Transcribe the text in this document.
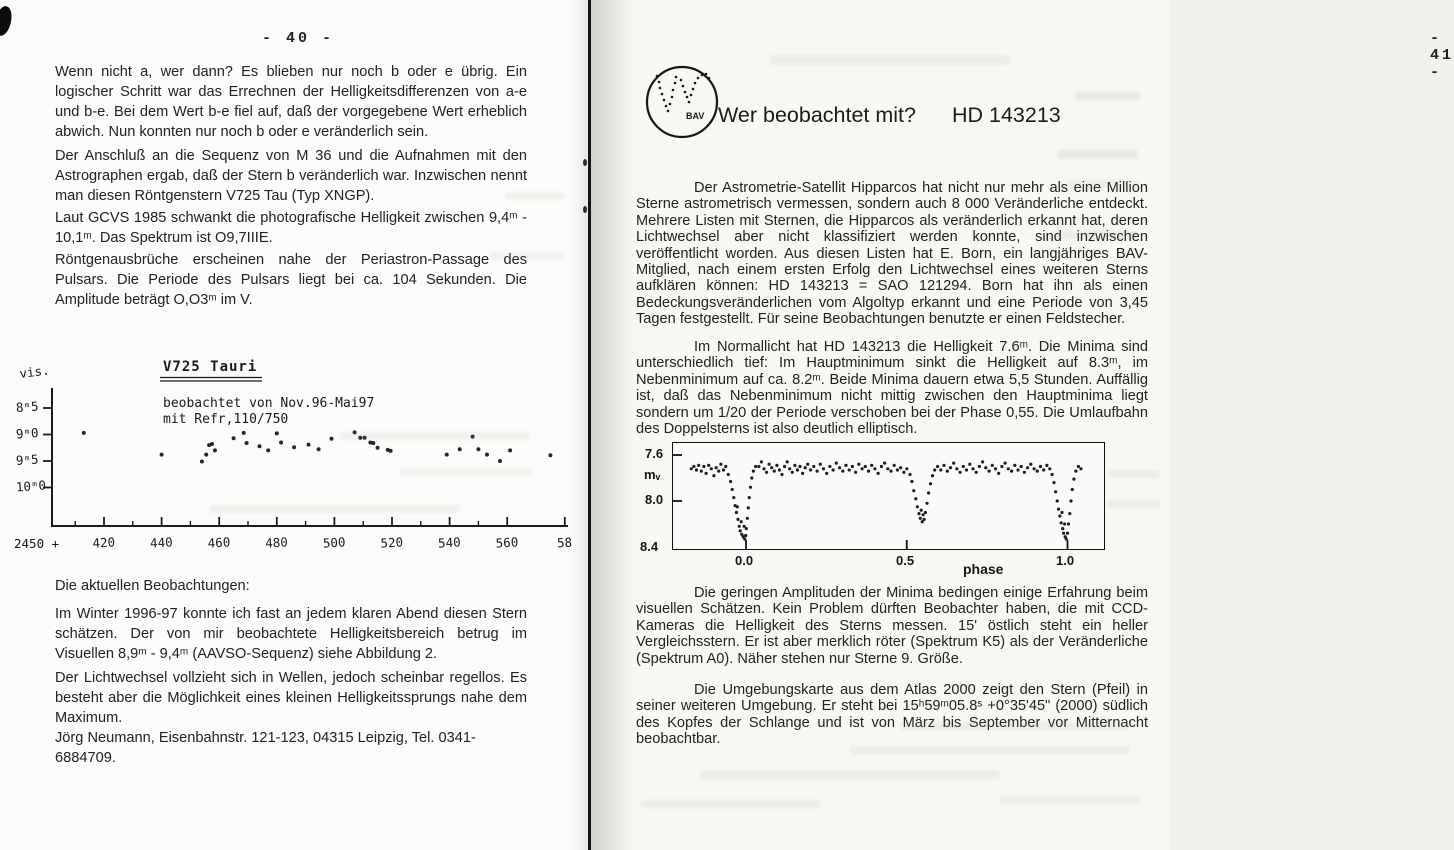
- 40 -
Wenn nicht a, wer dann? Es blieben nur noch b oder e übrig. Ein logischer Schritt war das Errechnen der Helligkeitsdifferenzen von a-e und b-e. Bei dem Wert b-e fiel auf, daß der vorgegebene Wert erheblich abwich. Nun konnten nur noch b oder e veränderlich sein.
Der Anschluß an die Sequenz von M 36 und die Aufnahmen mit den Astrographen ergab, daß der Stern b veränderlich war. Inzwischen nennt man diesen Röntgenstern V725 Tau (Typ XNGP).
Laut GCVS 1985 schwankt die photografische Helligkeit zwischen 9,4ᵐ - 10,1ᵐ. Das Spektrum ist O9,7IIIE.
Röntgenausbrüche erscheinen nahe der Periastron-Passage des Pulsars. Die Periode des Pulsars liegt bei ca. 104 Sekunden. Die Amplitude beträgt O,O3ᵐ im V.
8ᵐ5
9ᵐ0
9ᵐ5
10ᵐ0
vis.
420	440	460	480	500	520	540	560	58
2450 +
V725 Tauri
beobachtet von Nov.96-Mai97
mit Refr,110/750
Die aktuellen Beobachtungen:
Im Winter 1996-97 konnte ich fast an jedem klaren Abend diesen Stern schätzen. Der von mir beobachtete Helligkeitsbereich betrug im Visuellen 8,9ᵐ - 9,4ᵐ (AAVSO-Sequenz) siehe Abbildung 2.
Der Lichtwechsel vollzieht sich in Wellen, jedoch scheinbar regellos. Es besteht aber die Möglichkeit eines kleinen Helligkeitssprungs nahe dem Maximum.
Jörg Neumann, Eisenbahnstr. 121-123, 04315 Leipzig, Tel. 0341-6884709.
- 41 -
BAV Wer beobachtet mit? HD 143213
Der Astrometrie-Satellit Hipparcos hat nicht nur mehr als eine Million Sterne astrometrisch vermessen, sondern auch 8 000 Veränderliche entdeckt. Mehrere Listen mit Sternen, die Hipparcos als veränderlich erkannt hat, deren Lichtwechsel aber nicht klassifiziert werden konnte, sind inzwischen veröffentlicht worden. Aus diesen Listen hat E. Born, ein langjähriges BAV-Mitglied, nach einem ersten Erfolg den Lichtwechsel eines weiteren Sterns aufklären können: HD 143213 = SAO 121294. Born hat ihn als einen Bedeckungsveränderlichen vom Algoltyp erkannt und eine Periode von 3,45 Tagen festgestellt. Für seine Beobachtungen benutzte er einen Feldstecher.
Im Normallicht hat HD 143213 die Helligkeit 7.6ᵐ. Die Minima sind unterschiedlich tief: Im Hauptminimum sinkt die Helligkeit auf 8.3ᵐ, im Nebenminimum auf ca. 8.2ᵐ. Beide Minima dauern etwa 5,5 Stunden. Auffällig ist, daß das Nebenminimum nicht mittig zwischen den Hauptminima liegt sondern um 1/20 der Periode verschoben bei der Phase 0,55. Die Umlaufbahn des Doppelsterns ist also deutlich elliptisch.
7.6
mᵥ
8.0
8.4
0.0	0.5	1.0
phase
Die geringen Amplituden der Minima bedingen einige Erfahrung beim visuellen Schätzen. Kein Problem dürften Beobachter haben, die mit CCD-Kameras die Helligkeit des Sterns messen. 15' östlich steht ein heller Vergleichsstern. Er ist aber merklich röter (Spektrum K5) als der Veränderliche (Spektrum A0). Näher stehen nur Sterne 9. Größe.
Die Umgebungskarte aus dem Atlas 2000 zeigt den Stern (Pfeil) in seiner weiteren Umgebung. Er steht bei 15ʰ59ᵐ05.8ˢ +0°35'45" (2000) südlich des Kopfes der Schlange und ist von März bis September vor Mitternacht beobachtbar.
